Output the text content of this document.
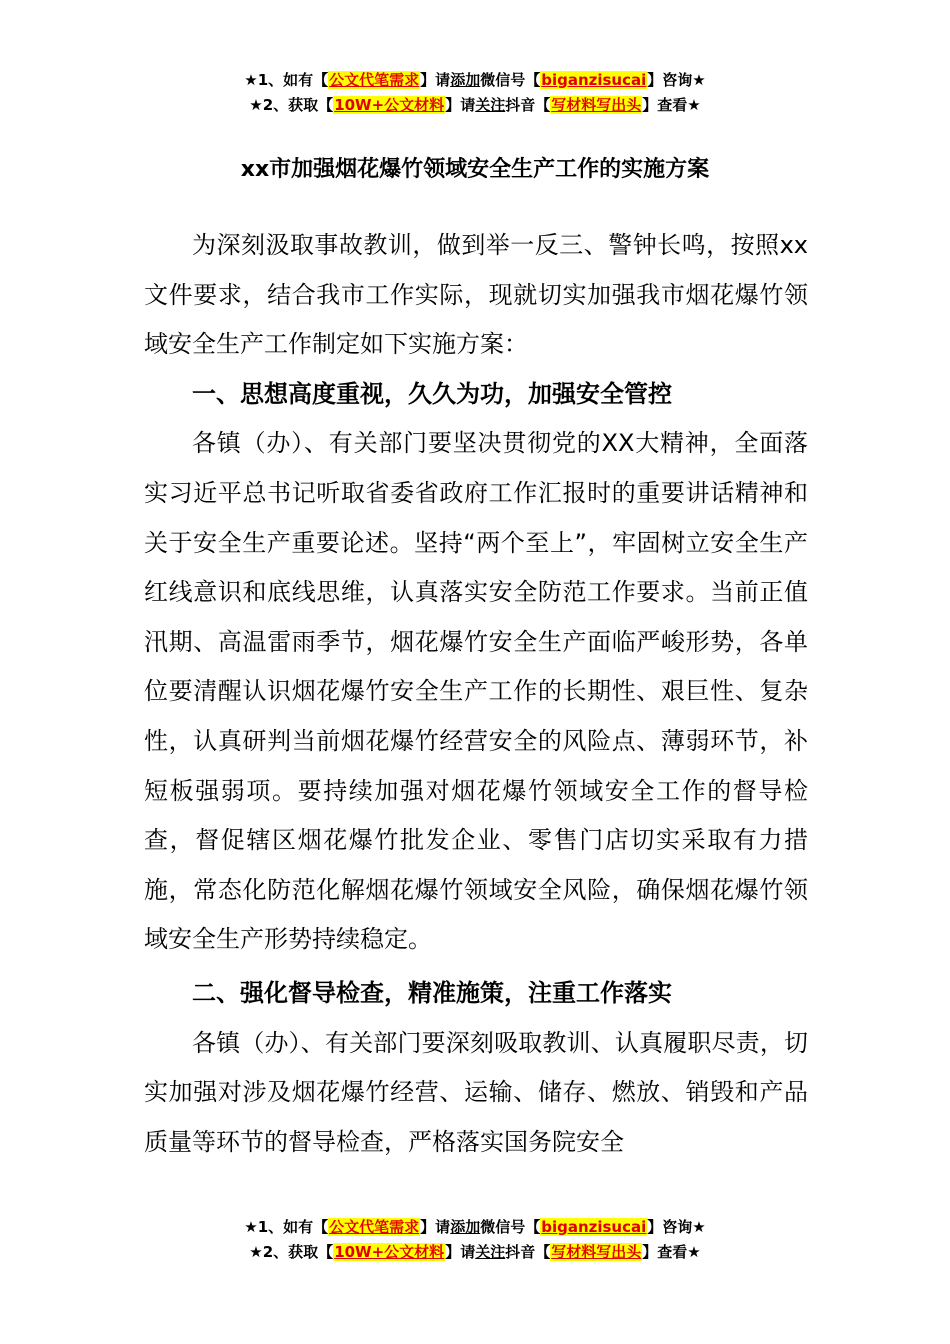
★1、如有【公文代笔需求】请添加微信号【biganzisucai】咨询★
★2、获取【10W+公文材料】请关注抖音【写材料写出头】查看★
xx市加强烟花爆竹领域安全生产工作的实施方案

为深刻汲取事故教训，做到举一反三、警钟长鸣，按照xx文件要求，结合我市工作实际，现就切实加强我市烟花爆竹领域安全生产工作制定如下实施方案：

一、思想高度重视，久久为功，加强安全管控

各镇（办）、有关部门要坚决贯彻党的XX大精神，全面落实习近平总书记听取省委省政府工作汇报时的重要讲话精神和关于安全生产重要论述。坚持“两个至上”，牢固树立安全生产红线意识和底线思维，认真落实安全防范工作要求。当前正值汛期、高温雷雨季节，烟花爆竹安全生产面临严峻形势，各单位要清醒认识烟花爆竹安全生产工作的长期性、艰巨性、复杂性，认真研判当前烟花爆竹经营安全的风险点、薄弱环节，补短板强弱项。要持续加强对烟花爆竹领域安全工作的督导检查，督促辖区烟花爆竹批发企业、零售门店切实采取有力措施，常态化防范化解烟花爆竹领域安全风险，确保烟花爆竹领域安全生产形势持续稳定。

二、强化督导检查，精准施策，注重工作落实

各镇（办）、有关部门要深刻吸取教训、认真履职尽责，切实加强对涉及烟花爆竹经营、运输、储存、燃放、销毁和产品质量等环节的督导检查，严格落实国务院安全

★1、如有【公文代笔需求】请添加微信号【biganzisucai】咨询★
★2、获取【10W+公文材料】请关注抖音【写材料写出头】查看★
